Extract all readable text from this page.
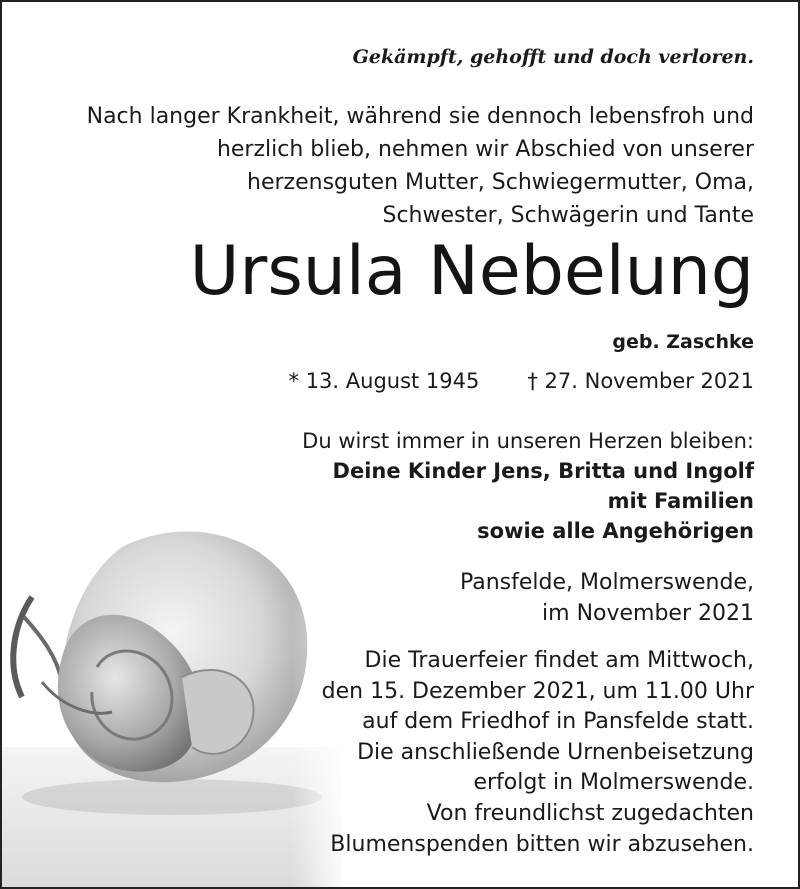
Gekämpft, gehofft und doch verloren.
Nach langer Krankheit, während sie dennoch lebensfroh und
herzlich blieb, nehmen wir Abschied von unserer
herzensguten Mutter, Schwiegermutter, Oma,
Schwester, Schwägerin und Tante
Ursula Nebelung
geb. Zaschke
* 13. August 1945 † 27. November 2021
Du wirst immer in unseren Herzen bleiben:
Deine Kinder Jens, Britta und Ingolf
mit Familien
sowie alle Angehörigen
Pansfelde, Molmerswende,
im November 2021
Die Trauerfeier findet am Mittwoch,
den 15. Dezember 2021, um 11.00 Uhr
auf dem Friedhof in Pansfelde statt.
Die anschließende Urnenbeisetzung
erfolgt in Molmerswende.
Von freundlichst zugedachten
Blumenspenden bitten wir abzusehen.
